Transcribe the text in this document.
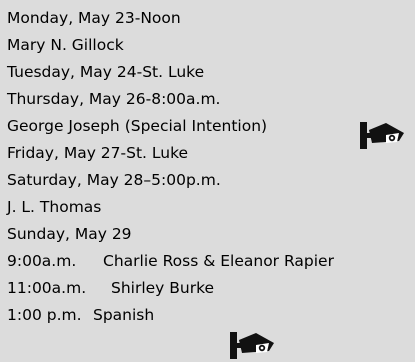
Monday, May 23-Noon
Mary N. Gillock
Tuesday, May 24-St. Luke
Thursday, May 26-8:00a.m.
George Joseph (Special Intention)
Friday, May 27-St. Luke
Saturday, May 28–5:00p.m.
J. L. Thomas
Sunday, May 29
9:00a.m. Charlie Ross & Eleanor Rapier
11:00a.m. Shirley Burke
1:00 p.m. Spanish
